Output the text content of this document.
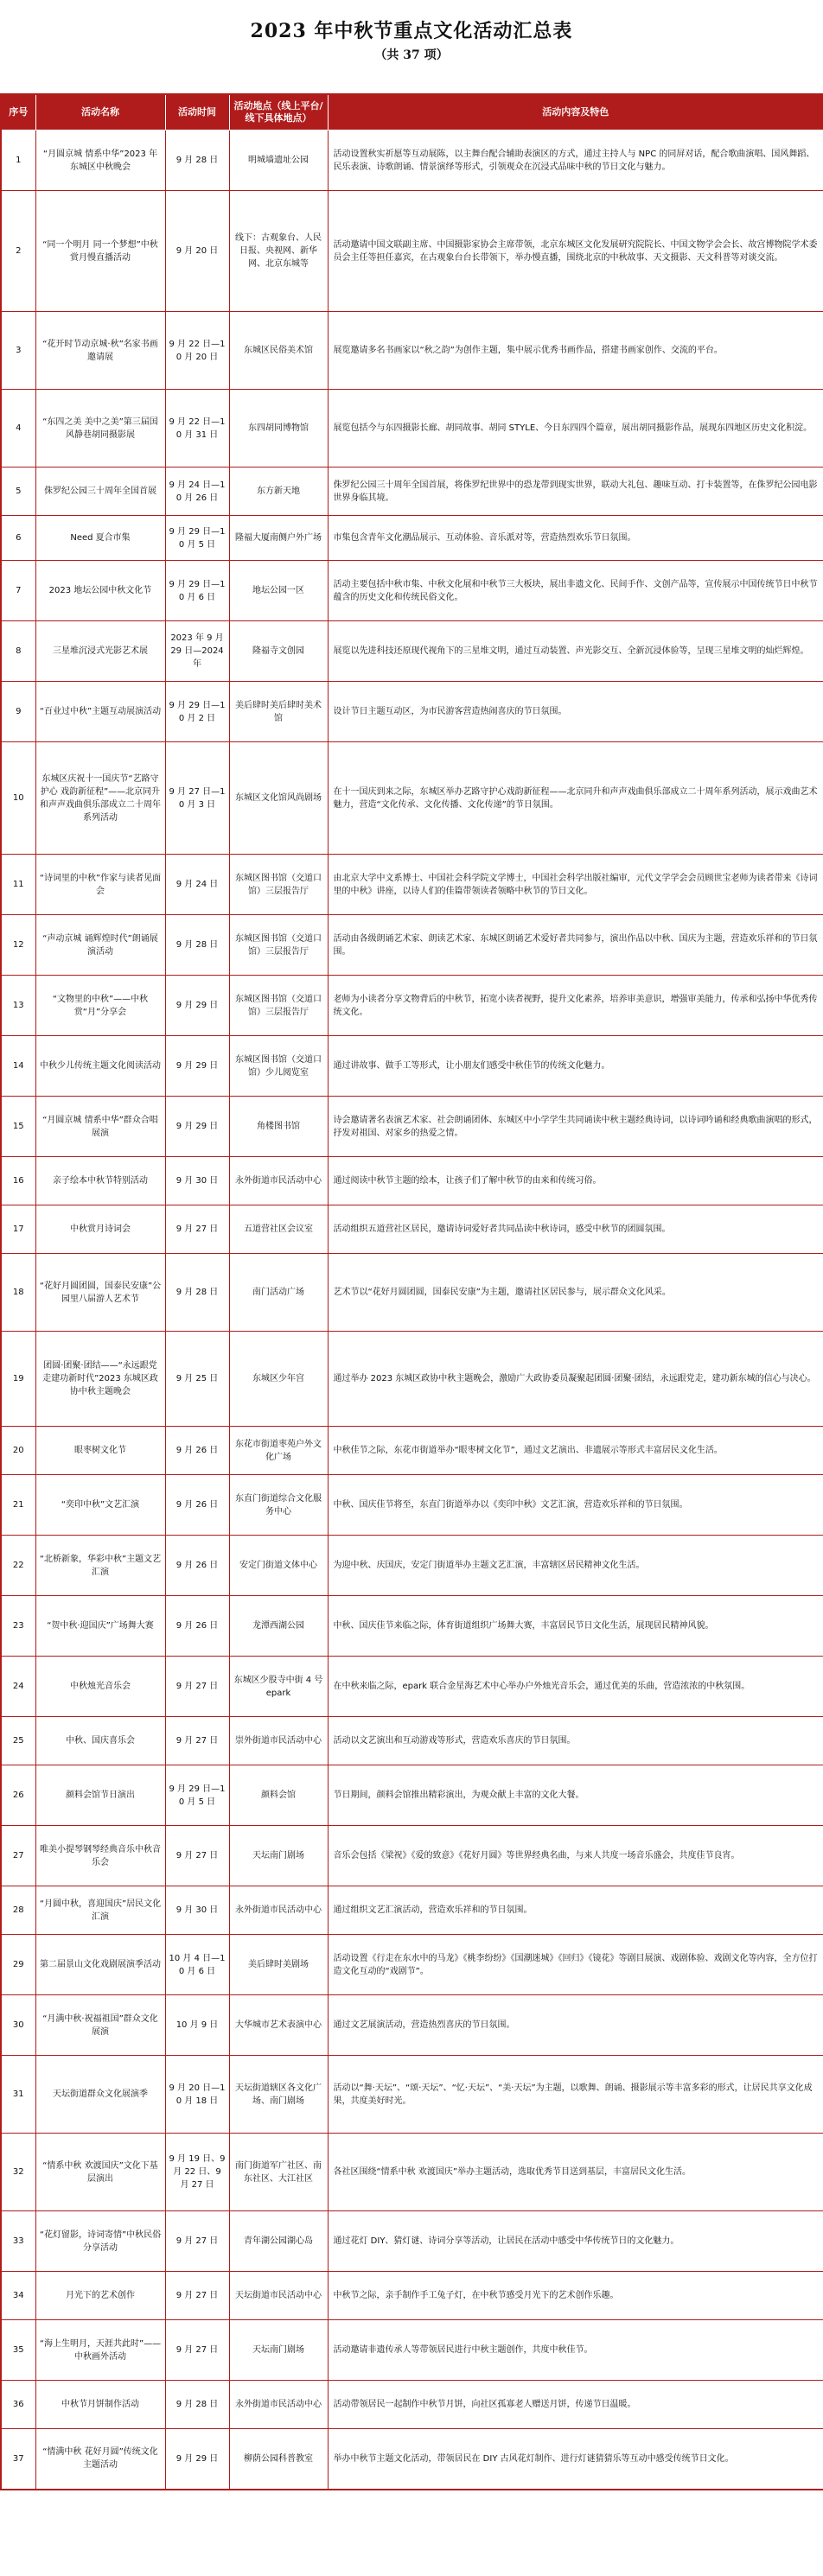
2023 年中秋节重点文化活动汇总表

（共 37 项）

序号	活动名称	活动时间	活动地点（线上平台/线下具体地点）	活动内容及特色
1	“月圆京城 情系中华”2023 年东城区中秋晚会	9 月 28 日	明城墙遗址公园	活动设置秋实祈愿等互动展陈，以主舞台配合辅助表演区的方式，通过主持人与 NPC 的同屏对话，配合歌曲演唱、国风舞蹈、民乐表演、诗歌朗诵、情景演绎等形式，引领观众在沉浸式品味中秋的节日文化与魅力。
2	“同一个明月 同一个梦想”中秋赏月慢直播活动	9 月 20 日	线下：古观象台、人民日报、央视网、新华网、北京东城等	活动邀请中国文联副主席、中国摄影家协会主席带领，北京东城区文化发展研究院院长、中国文物学会会长、故宫博物院学术委员会主任等担任嘉宾，在古观象台台长带领下，举办慢直播，围绕北京的中秋故事、天文摄影、天文科普等对谈交流。
3	“花开时节动京城·秋”名家书画邀请展	9 月 22 日—10 月 20 日	东城区民俗美术馆	展览邀请多名书画家以“秋之韵”为创作主题，集中展示优秀书画作品，搭建书画家创作、交流的平台。
4	“东四之美 美中之美”第三届国风静巷胡同摄影展	9 月 22 日—10 月 31 日	东四胡同博物馆	展览包括今与东四摄影长廊、胡同故事、胡同 STYLE、今日东四四个篇章，展出胡同摄影作品，展现东四地区历史文化积淀。
5	侏罗纪公园三十周年全国首展	9 月 24 日—10 月 26 日	东方新天地	侏罗纪公园三十周年全国首展，将侏罗纪世界中的恐龙带到现实世界，联动大礼包、趣味互动、打卡装置等，在侏罗纪公园电影世界身临其境。
6	Need 夏合市集	9 月 29 日—10 月 5 日	隆福大厦南侧户外广场	市集包含青年文化潮品展示、互动体验、音乐派对等，营造热烈欢乐节日氛围。
7	2023 地坛公园中秋文化节	9 月 29 日—10 月 6 日	地坛公园一区	活动主要包括中秋市集、中秋文化展和中秋节三大板块，展出非遗文化、民间手作、文创产品等，宣传展示中国传统节日中秋节蕴含的历史文化和传统民俗文化。
8	三星堆沉浸式光影艺术展	2023 年 9 月 29 日—2024 年	隆福寺文创园	展览以先进科技还原现代视角下的三星堆文明，通过互动装置、声光影交互、全新沉浸体验等，呈现三星堆文明的灿烂辉煌。
9	“百业过中秋”主题互动展演活动	9 月 29 日—10 月 2 日	美后肆时美后肆时美术馆	设计节日主题互动区，为市民游客营造热闹喜庆的节日氛围。
10	东城区庆祝十一国庆节“艺路守护心 戏韵新征程”——北京同升和声声戏曲俱乐部成立二十周年系列活动	9 月 27 日—10 月 3 日	东城区文化馆风尚剧场	在十一国庆到来之际，东城区举办艺路守护心戏韵新征程——北京同升和声声戏曲俱乐部成立二十周年系列活动，展示戏曲艺术魅力，营造“文化传承、文化传播、文化传递”的节日氛围。
11	“诗词里的中秋”作家与读者见面会	9 月 24 日	东城区图书馆（交道口馆）三层报告厅	由北京大学中文系博士、中国社会科学院文学博士，中国社会科学出版社编审，元代文学学会会员顾世宝老师为读者带来《诗词里的中秋》讲座，以诗人们的佳篇带领读者领略中秋节的节日文化。
12	“声动京城 诵辉煌时代”朗诵展演活动	9 月 28 日	东城区图书馆（交道口馆）三层报告厅	活动由各级朗诵艺术家、朗读艺术家、东城区朗诵艺术爱好者共同参与，演出作品以中秋、国庆为主题，营造欢乐祥和的节日氛围。
13	“文物里的中秋”——中秋赏“月”分享会	9 月 29 日	东城区图书馆（交道口馆）三层报告厅	老师为小读者分享文物背后的中秋节，拓宽小读者视野，提升文化素养，培养审美意识，增强审美能力，传承和弘扬中华优秀传统文化。
14	中秋少儿传统主题文化阅读活动	9 月 29 日	东城区图书馆（交道口馆）少儿阅览室	通过讲故事、做手工等形式，让小朋友们感受中秋佳节的传统文化魅力。
15	“月圆京城 情系中华”群众合唱展演	9 月 29 日	角楼图书馆	诗会邀请著名表演艺术家、社会朗诵团体、东城区中小学学生共同诵读中秋主题经典诗词，以诗词吟诵和经典歌曲演唱的形式，抒发对祖国、对家乡的热爱之情。
16	亲子绘本中秋节特别活动	9 月 30 日	永外街道市民活动中心	通过阅读中秋节主题的绘本，让孩子们了解中秋节的由来和传统习俗。
17	中秋赏月诗词会	9 月 27 日	五道营社区会议室	活动组织五道营社区居民，邀请诗词爱好者共同品读中秋诗词，感受中秋节的团圆氛围。
18	“花好月圆团圆，国泰民安康”公园里八届游人艺术节	9 月 28 日	南门活动广场	艺术节以“花好月圆团圆，国泰民安康”为主题，邀请社区居民参与，展示群众文化风采。
19	团圆·团聚·团结——“永远跟党走建功新时代”2023 东城区政协中秋主题晚会	9 月 25 日	东城区少年宫	通过举办 2023 东城区政协中秋主题晚会，激励广大政协委员凝聚起团圆·团聚·团结，永远跟党走，建功新东城的信心与决心。
20	眼枣树文化节	9 月 26 日	东花市街道枣苑户外文化广场	中秋佳节之际，东花市街道举办“眼枣树文化节”，通过文艺演出、非遗展示等形式丰富居民文化生活。
21	“奕印中秋”文艺汇演	9 月 26 日	东直门街道综合文化服务中心	中秋、国庆佳节将至，东直门街道举办以《奕印中秋》文艺汇演，营造欢乐祥和的节日氛围。
22	“北桥新象，华彩中秋”主题文艺汇演	9 月 26 日	安定门街道文体中心	为迎中秋、庆国庆，安定门街道举办主题文艺汇演，丰富辖区居民精神文化生活。
23	“贺中秋·迎国庆”广场舞大赛	9 月 26 日	龙潭西湖公园	中秋、国庆佳节来临之际，体育街道组织广场舞大赛，丰富居民节日文化生活，展现居民精神风貌。
24	中秋烛光音乐会	9 月 27 日	东城区少股寺中街 4 号 epark	在中秋来临之际，epark 联合金星海艺术中心举办户外烛光音乐会，通过优美的乐曲，营造浓浓的中秋氛围。
25	中秋、国庆喜乐会	9 月 27 日	崇外街道市民活动中心	活动以文艺演出和互动游戏等形式，营造欢乐喜庆的节日氛围。
26	颜料会馆节日演出	9 月 29 日—10 月 5 日	颜料会馆	节日期间，颜料会馆推出精彩演出，为观众献上丰富的文化大餐。
27	唯美小提琴钢琴经典音乐中秋音乐会	9 月 27 日	天坛南门剧场	音乐会包括《梁祝》《爱的致意》《花好月圆》等世界经典名曲，与来人共度一场音乐盛会，共度佳节良宵。
28	“月圆中秋，喜迎国庆”居民文化汇演	9 月 30 日	永外街道市民活动中心	通过组织文艺汇演活动，营造欢乐祥和的节日氛围。
29	第二届景山文化戏剧展演季活动	10 月 4 日—10 月 6 日	美后肆时美剧场	活动设置《行走在东水中的马龙》《桃李纷纷》《国潮迷城》《回归》《镜花》等剧目展演、戏剧体验、戏剧文化等内容，全方位打造文化互动的“戏剧节”。
30	“月满中秋·祝福祖国”群众文化展演	10 月 9 日	大华城市艺术表演中心	通过文艺展演活动，营造热烈喜庆的节日氛围。
31	天坛街道群众文化展演季	9 月 20 日—10 月 18 日	天坛街道辖区各文化广场、南门剧场	活动以“舞·天坛”、“颂·天坛”、“忆·天坛”、“美·天坛”为主题，以歌舞、朗诵、摄影展示等丰富多彩的形式，让居民共享文化成果，共度美好时光。
32	“情系中秋 欢渡国庆”文化下基层演出	9 月 19 日、9 月 22 日、9 月 27 日	南门街道军广社区、南东社区、大江社区	各社区围绕“情系中秋 欢渡国庆”举办主题活动，选取优秀节目送到基层，丰富居民文化生活。
33	“花灯留影，诗词寄情”中秋民俗分享活动	9 月 27 日	青年湖公园湖心岛	通过花灯 DIY、猜灯谜、诗词分享等活动，让居民在活动中感受中华传统节日的文化魅力。
34	月光下的艺术创作	9 月 27 日	天坛街道市民活动中心	中秋节之际，亲手制作手工兔子灯，在中秋节感受月光下的艺术创作乐趣。
35	“海上生明月，天涯共此时”——中秋画外活动	9 月 27 日	天坛南门剧场	活动邀请非遗传承人等带领居民进行中秋主题创作，共度中秋佳节。
36	中秋节月饼制作活动	9 月 28 日	永外街道市民活动中心	活动带领居民一起制作中秋节月饼，向社区孤寡老人赠送月饼，传递节日温暖。
37	“情满中秋 花好月圆”传统文化主题活动	9 月 29 日	柳荫公园科普教室	举办中秋节主题文化活动，带领居民在 DIY 古风花灯制作、进行灯谜猜猜乐等互动中感受传统节日文化。
